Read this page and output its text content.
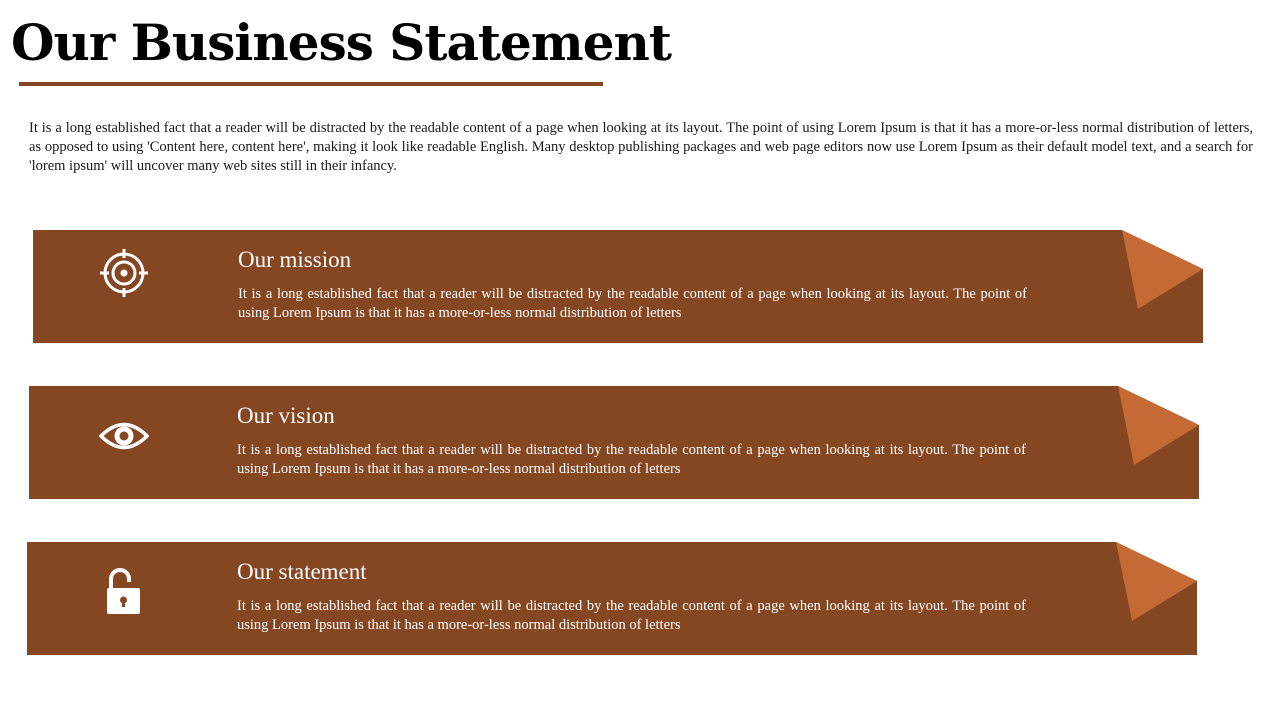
Our Business Statement

It is a long established fact that a reader will be distracted by the readable content of a page when looking at its layout. The point of using Lorem Ipsum is that it has a more-or-less normal distribution of letters, as opposed to using 'Content here, content here', making it look like readable English. Many desktop publishing packages and web page editors now use Lorem Ipsum as their default model text, and a search for 'lorem ipsum' will uncover many web sites still in their infancy.

Our mission

It is a long established fact that a reader will be distracted by the readable content of a page when looking at its layout. The point of using Lorem Ipsum is that it has a more-or-less normal distribution of letters

Our vision

It is a long established fact that a reader will be distracted by the readable content of a page when looking at its layout. The point of using Lorem Ipsum is that it has a more-or-less normal distribution of letters

Our statement

It is a long established fact that a reader will be distracted by the readable content of a page when looking at its layout. The point of using Lorem Ipsum is that it has a more-or-less normal distribution of letters
